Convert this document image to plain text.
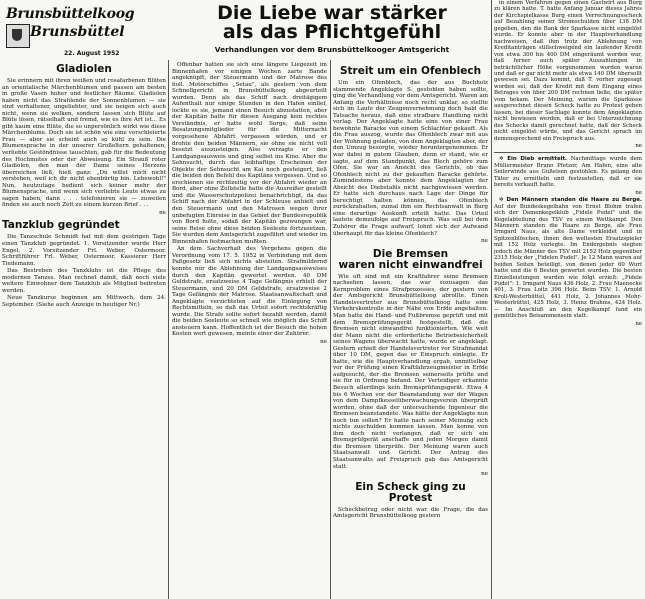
Brunsbüttelkoog
Brunsbüttel
22. August 1952
Die Liebe war stärker
als das Pflichtgefühl
Verhandlungen vor dem Brunsbüttelkooger Amtsgericht
Gladiolen

Sie erinnern mit ihren weißen und rosafarbenen Blüten an orientalische Märchenblumen und passen am besten in große Vasen hoher und festlicher Räume. Gladiolen haben nicht das Strahlende der Sonnenblumen — sie sind verhaltener, ungeliebter, und sie neigen sich auch nicht, wenn sie welken, sondern lassen sich Blüte auf Blüte lösen, rätselhaft und fremd, wie es ihre Art ist... Es gibt kaum eine Blüte, die so unpersönlich wirkt wie diese Märchenblume. Doch sie ist schön wie eine verschleierte Frau — aber sie scheint auch so kühl zu sein. Die Blumensprache in der unserer Großeltern gehaltenen, verliebte Gestöndnisse tauschten, gab für die Bedeutung des Hochmutes oder der Abweisung. Ein Strauß roter Gladiolen, den man der Dame seines Herzens überreichen ließ, hieß ganz: „Du willst mich nicht verstehen, weil ich dir nicht ebenbürtig bin. Lebewohl!" Nun, heutzutage bedient sich keiner mehr der Blumensprache, und wenn sich verliebte Leute etwas zu sagen haben, dann . . . telefonieren sie — zuweilen finden sie auch noch Zeit zu einem kurzen Brief . . .

ne

Tanzklub gegründet

Die Tanzschule Schmidt hat mit dem gestrigen Tage einen Tanzklub gegründet. 1. Vorsitzender wurde Herr Engel, 2. Vorsitzender Frl. Weber, Ostermoor. Schriftführer Frl. Weber, Ostermoor. Kassierer Herr Tiedemann.

Das Bestreben des Tanzklubs ist die Pflege des modernen Tanzes. Man rechnet damit, daß noch viele weitere Einwohner dem Tanzklub als Mitglied beitreten werden.

Neue Tanzkurse beginnen am Mittwoch, dem 24. September. (Siehe auch Anzeige in heutiger Nr.)

Offenbar hatten sie sich eine längere Liegezeit im Binnenhafen vor einigen Wochen zarte Bande angeknüpft, der Steuermann und der Matrose des holl. Motorschiffes „Setau", als gestern von dem Schnellgericht in Brunsbüttelkoog abgeurteilt wurden. Denn als das Schiff nach dreitägigem Aufenthalt nur einige Stunden in den Hafen einlief, lockte es sie, jemand einen Besuch abzustatten, aber der Kapitän hatte für diesen Ausgang kein rechtes Verständnis, er hatte wohl Sorge, daß seine Besatzungsmitglieder für die Mitternacht vorgesehene Abfahrt verpassen würden, und er drohte den beiden Männern, sie ohne sie nicht voll besetzt auszusteigen. Also verzagte er den Landgangsausweis und ging selbst ins Kino. Aber die Sehnsucht, durch das leibhaftige Erscheinen der Objekte der Sehnsucht am Kai noch gesteigert, ließ die beiden den Befehl des Kapitäns vergessen. Und so erschienen sie rechtzeitig vor der Abfahrt wieder an Bord, aber ohne Zollstelle hatte die Ausreißer gestellt und die Wasserschutzpolizei benachrichtigt, da das Schiff nach der Abfahrt in der Schleuse anhielt und den Steuermann und den Matrosen wegen ihrer unbefugten Einreise in das Gebiet der Bundesrepublik von Bord holte, sodaß der Kapitän gezwungen war, seine Reise ohne diese beiden Seeleute fortzusetzen. Sie wurden dem Amtsgericht zugeführt und wieder im Binnenhafen festmachen mußten.

An dem Sachverhalt des Vergehens gegen die Verordnung vom 17. 5. 1952 in Verbindung mit dem Paßgesetz ließ sich nichts absteiten. Strafmildernd konnte nur die Ablehnung der Landgangsausweises durch den Kapitän gewertet werden. 40 DM Geldstrafe, ersatzweise 4 Tage Gefängnis erhielt der Steuermann, und 20 DM Geldstrafe, ersatzweise 2 Tage Gefängnis der Matrose. Staatsanwaltschaft und Angeklagte verzichteten auf die Einlegung von Rechtsmitteln, so daß das Urteil sofort rechtskräftig wurde. Die Strafe sollte sofort bezahlt werden, damit die beiden Seeleute so schnell wie möglich das Schiff ansteuern kann. Hoffentlich ist der Besuch die hohen Kosten wert gewesen, meinte einer der Zuhörer.

ne

Streit um ein Ofenblech

Um ein Ofenblech, das der aus Buchholz stammende Angeklagte S. gestohlen haben sollte, ging die Verhandlung vor dem Amtsgericht. Waren am Anfang die Verhältnisse noch recht unklar, so stellte sich im Laufe der Zeugenvernehmung doch bald die Tatsache heraus, daß eine strafbare Handlung nicht vorlag. Der Angeklagte hatte eine von einer Frau bewohnte Baracke von einem Schlachter gekauft. Als die Frau auszog, wurde das Ofenblech zwar mit aus der Wohnung geladen, von dem Angeklagten aber, der den Umzug besorgte, wieder heruntergenommen. Er war dabei in gutem Glauben, denn er stand, wie er sagte, auf dem Standpunkt, das Blech gehöre zum Ofen. Sie war an Ansicht des Gerichts, ob das Ofenblech nicht zu der gekauften Baracke gehörte. Zumindestens aber konnte dem Angeklagten der Absicht des Diebstahls nicht nachgewiesen werden. Er hatte sich durchaus nach Lage der Dinge für berechtigt halten können, das Ofenblech zurückzuhalten, zumal ihm ein Rechtsanwalt in Burg eine derartige Auskunft erteilt hatte. Das Urteil lautete demzufolge auf Freispruch. Was soll bei dem Zuhörer die Frage aufwarf, lohnt sich der Aufwand überhaupt für das kleine Ofenblech?

ne

Die Bremsen
waren nicht einwandfrei

Wie oft sind mit ein Kraftfahrer seine Bremsen nachsehen lassen, das war sozusagen das Kernproblem eines Strafprozesses, der gestern von der Amtsgericht Brunsbüttelkoog abrollte. Einen Handelsvertreter aus Brunsbüttelkoog hatte eine Verkehrskontrolle in der Nähe von Erfde angehalten. Man hatte die Hand- und Fußbremse geprüft und mit dem Bremsprüfungsgerät festgestellt, daß die Bremsen nicht einwandfrei funktionierten. Wie weit der Mann nicht die erforderliche Betriebssicherheit seines Wagens überwacht hatte, wurde er angeklagt. Gestern erhielt der Handelsvertreter vor Strafmandat über 10 DM, gegen das er Einspruch einlegte. Er hatte, wie die Hauptverhandlung ergab, unmittelbar vor der Prüfung einen Kraftfahrzeugmeister in Erfde aufgesucht, der die Bremsen seinerseits prüfte und sie für in Ordnung befand. Der Verteidiger erkannte Besuch allerdings kein Bremsprüfungsgerät. Etwa 4 bis 6 Wochen vor der Beanstandung war der Wagen von dem Dampfkesselüberwachungsverein überprüft worden, ohne daß der untersuchende Ingenieur die Bremsen beanstandete. Was hätte der Angeklagte nun noch tun sollen? Er hatte nach seiner Meinung sich nichts zuschulden kommen lassen. Man konne von ihm doch nicht verlangen, daß er sich ein Bremsprüfgerät anschaffe und jeden Morgen damit die Bremsen überprüfe. Der Meinung waren auch Staatsanwalt und Gericht. Der Antrag des Staatsanwalts auf Freispruch gab das Amtsgericht statt.

ne

Ein Scheck ging zu Protest

Scheckbetrug oder nicht war die Frage, die das Amtsgericht Brunsbüttelkoog gestern

in einem Verfahren gegen einen Gastwirt aus Burg zu klären hatte. T. hatte Anfang Januar dieses Jahres der Kirchspielkasse Burg einen Verrechnungsscheck auf Bezahlung seiner Stromschulden über 138 DM gegeben, den die Bank der Sparkasse nicht eingelöst wurde. Er konnte aber in der Hauptverhandlung nachweisen, daß ihm trotz der Ablehnung von Kreditanträgen stillschweigend ein laufender Kredit von etwa 300 bis 400 DM eingeräumt worden war, daß ferner auch später Auszahlungen in beträchtlicher Höhe vorgenommen worden waren und daß er gar nicht mehr als etwa 140 DM übersollt gewesen sei. Dazu kommt, daß T. vorher zugesagt worden sei, daß der Kredit mit dem Eingang eines Betrages von über 200 DM rechnen ließe, die später vom bekam. Der Meinung, warum die Sparkasse ausgerechnet diesen Scheck hatte zu Protest geben lassen, bei dieser Sachlage konnte dem Angeklagten nicht bewiesen werden, daß er bei Unterzeichnung des Schecks damit gerechnet hatte, daß der Scheck nicht eingelöst würde, und das Gericht sprach im demensprechend ein Freispruch aus.

ne

✲ Ein Dieb ermittelt. Nachmittags wurde dem Müllermeister Bruno Pfetzer, Am Hafen, eine alte Seilerwinde aus Gußeisen gestohlen. Es gelang den Täter zu ermitteln und festzustellen, daß er sie bereits verkauft hatte.

ne

✲ Den Männern standen die Haare zu Berge. Auf der Bundeskegelbahn von Ernst Blohm trafen sich der Damenkegelklub „Fidele Pudel" und die Kegelabteilung des TSV zu einem Wettkampf. Den Männern standen die Haare zu Berge, als Frau Irmgard Naus, als alte Dame verkleidet und in Spitzenblöschen, ihnen den weltesten Ersatzspieler mit 152 Holz vorlegte. Im Endergebnis siegten jedoch die Männer des TSV mit 2152 Holz gegenüber 2315 Holz der „Fidelen Pudel". Je 12 Mann waren auf beiden Seiten beteiligt, von denen jeder 60 Wurf hatte und die 6 Besten gewertet wurden. Die besten Einzelleistungen wurden wie folgt erzielt: „Fidele Pudel": 1. Irmgard Naus 436 Holz, 2. Frau Maenecke 401, 3. Frau Loitz 396 Holz. Beim TSV: 1. Arnold Kroll-Westerbüttel, 441 Holz, 2. Johannes Mohr-Westerbüttel, 425 Holz, 3. Heinz Brahms, 424 Holz. — Im Anschluß an den Kegelkampf fand ein gemütliches Beisammensein statt.

ne
